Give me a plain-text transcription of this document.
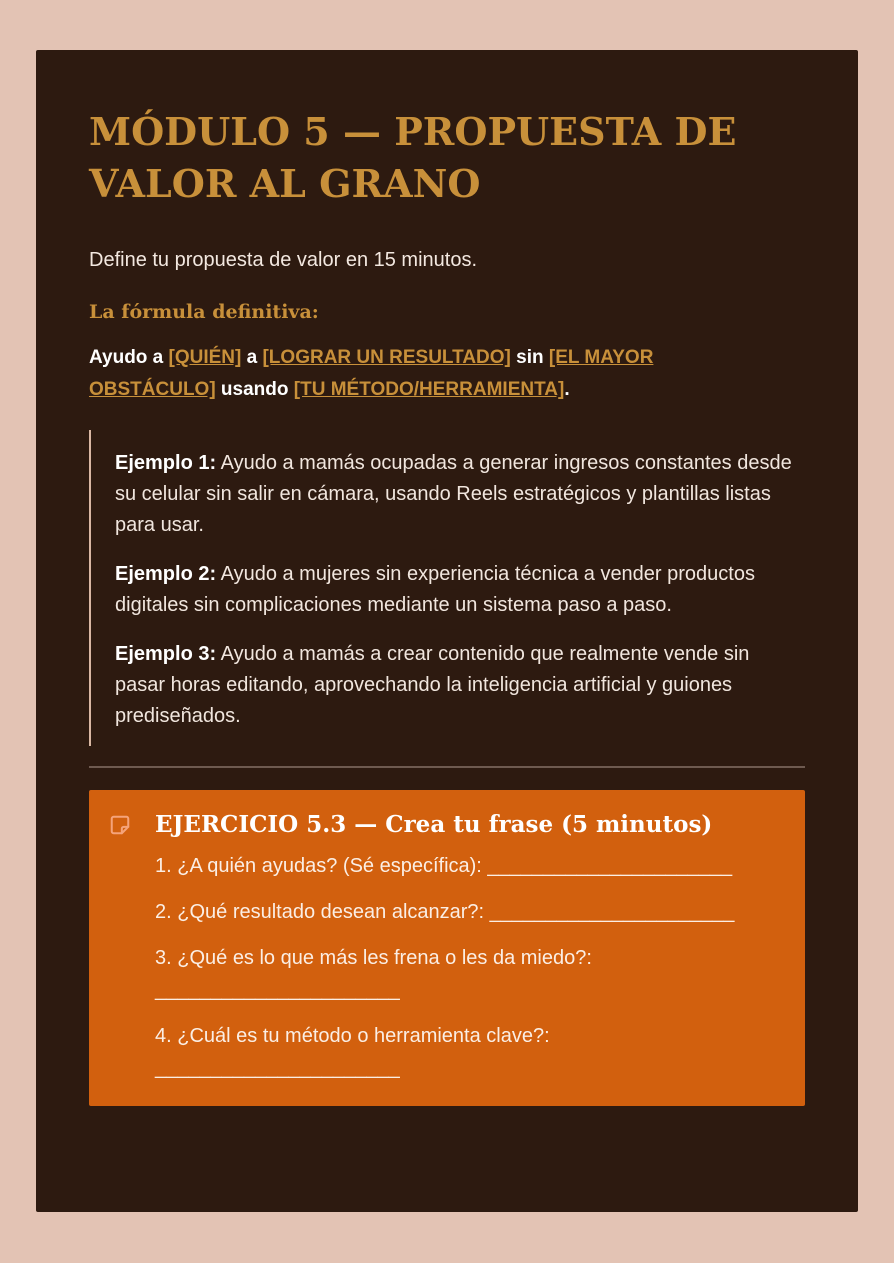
MÓDULO 5 — PROPUESTA DE VALOR AL GRANO

Define tu propuesta de valor en 15 minutos.

La fórmula definitiva:

Ayudo a [QUIÉN] a [LOGRAR UN RESULTADO] sin [EL MAYOR OBSTÁCULO] usando [TU MÉTODO/HERRAMIENTA].

Ejemplo 1: Ayudo a mamás ocupadas a generar ingresos constantes desde su celular sin salir en cámara, usando Reels estratégicos y plantillas listas para usar.

Ejemplo 2: Ayudo a mujeres sin experiencia técnica a vender productos digitales sin complicaciones mediante un sistema paso a paso.

Ejemplo 3: Ayudo a mamás a crear contenido que realmente vende sin pasar horas editando, aprovechando la inteligencia artificial y guiones prediseñados.

EJERCICIO 5.3 — Crea tu frase (5 minutos)
1. ¿A quién ayudas? (Sé específica): ______________________
2. ¿Qué resultado desean alcanzar?: ______________________
3. ¿Qué es lo que más les frena o les da miedo?: ______________________
4. ¿Cuál es tu método o herramienta clave?: ______________________
